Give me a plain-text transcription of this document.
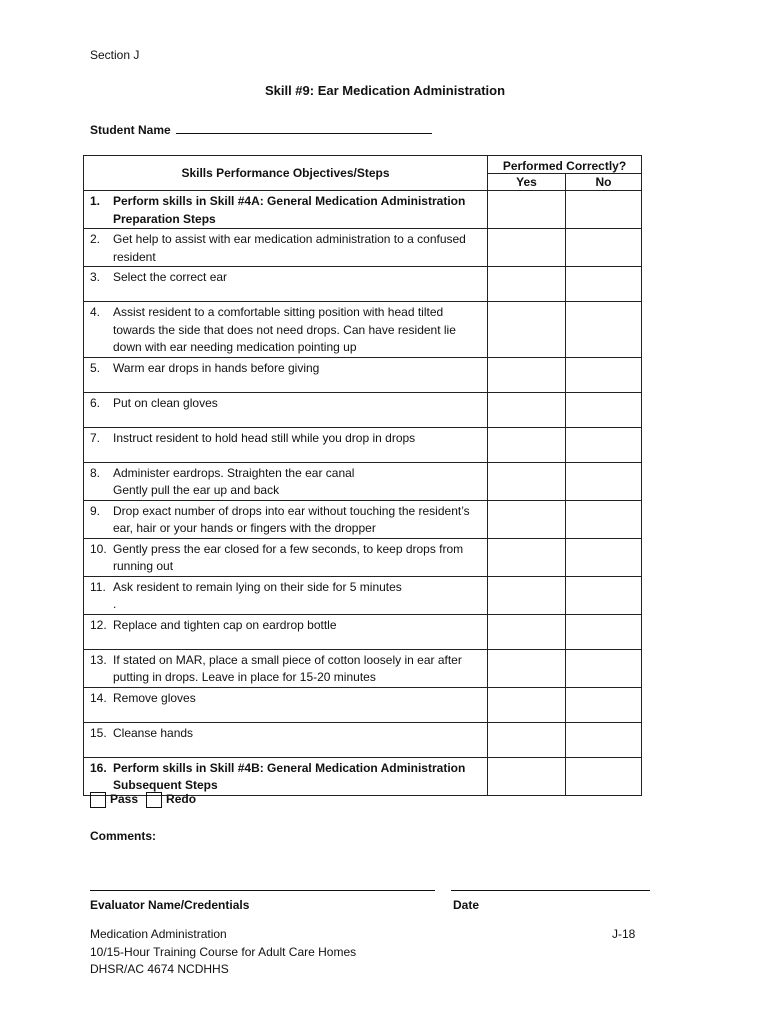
Section J
Skill #9: Ear Medication Administration
Student Name
Skills Performance Objectives/Steps	Performed Correctly?	
	Yes	No

1. Perform skills in Skill #4A: General Medication Administration Preparation Steps		

2. Get help to assist with ear medication administration to a confused resident		

3. Select the correct ear		

4. Assist resident to a comfortable sitting position with head tilted towards the side that does not need drops. Can have resident lie down with ear needing medication pointing up		

5. Warm ear drops in hands before giving		

6. Put on clean gloves		

7. Instruct resident to hold head still while you drop in drops		

8. Administer eardrops. Straighten the ear canal
Gently pull the ear up and back		

9. Drop exact number of drops into ear without touching the resident’s ear, hair or your hands or fingers with the dropper		

10. Gently press the ear closed for a few seconds, to keep drops from running out		

11. Ask resident to remain lying on their side for 5 minutes
.		

12. Replace and tighten cap on eardrop bottle		

13. If stated on MAR, place a small piece of cotton loosely in ear after putting in drops. Leave in place for 15-20 minutes		

14. Remove gloves		

15. Cleanse hands		

16. Perform skills in Skill #4B: General Medication Administration Subsequent Steps		

Pass Redo
Comments:
Evaluator Name/Credentials	Date
Medication Administration
10/15-Hour Training Course for Adult Care Homes
DHSR/AC 4674 NCDHHS
J-18
